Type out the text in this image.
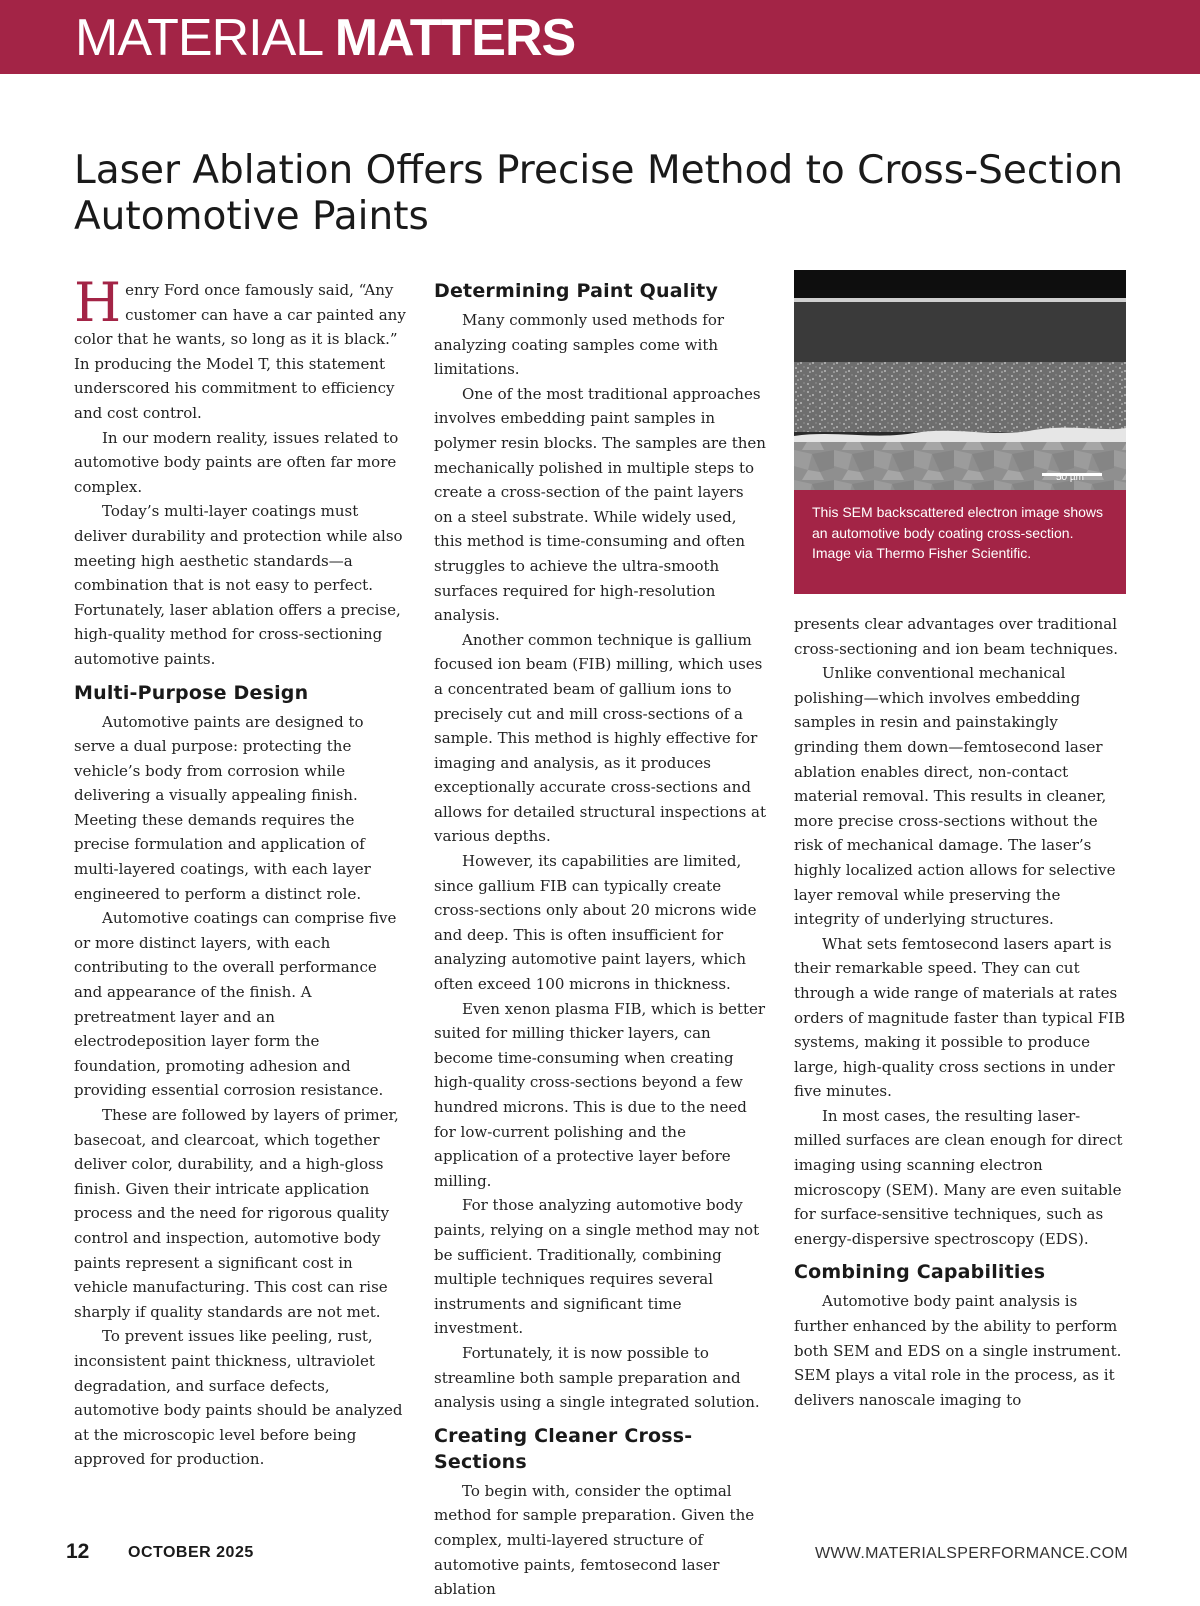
MATERIAL MATTERS
Laser Ablation Offers Precise Method to Cross-Section Automotive Paints

Henry Ford once famously said, “Any customer can have a car painted any color that he wants, so long as it is black.” In producing the Model T, this statement underscored his commitment to efficiency and cost control.

In our modern reality, issues related to automotive body paints are often far more complex.

Today’s multi-layer coatings must deliver durability and protection while also meeting high aesthetic standards—a combination that is not easy to perfect. Fortunately, laser ablation offers a precise, high-quality method for cross-sectioning automotive paints.

Multi-Purpose Design

Automotive paints are designed to serve a dual purpose: protecting the vehicle’s body from corrosion while delivering a visually appealing finish. Meeting these demands requires the precise formulation and application of multi-layered coatings, with each layer engineered to perform a distinct role.

Automotive coatings can comprise five or more distinct layers, with each contributing to the overall performance and appearance of the finish. A pretreatment layer and an electrodeposition layer form the foundation, promoting adhesion and providing essential corrosion resistance.

These are followed by layers of primer, basecoat, and clearcoat, which together deliver color, durability, and a high-gloss finish. Given their intricate application process and the need for rigorous quality control and inspection, automotive body paints represent a significant cost in vehicle manufacturing. This cost can rise sharply if quality standards are not met.

To prevent issues like peeling, rust, inconsistent paint thickness, ultraviolet degradation, and surface defects, automotive body paints should be analyzed at the microscopic level before being approved for production.

Determining Paint Quality

Many commonly used methods for analyzing coating samples come with limitations.

One of the most traditional approaches involves embedding paint samples in polymer resin blocks. The samples are then mechanically polished in multiple steps to create a cross-section of the paint layers on a steel substrate. While widely used, this method is time-consuming and often struggles to achieve the ultra-smooth surfaces required for high-resolution analysis.

Another common technique is gallium focused ion beam (FIB) milling, which uses a concentrated beam of gallium ions to precisely cut and mill cross-sections of a sample. This method is highly effective for imaging and analysis, as it produces exceptionally accurate cross-sections and allows for detailed structural inspections at various depths.

However, its capabilities are limited, since gallium FIB can typically create cross-sections only about 20 microns wide and deep. This is often insufficient for analyzing automotive paint layers, which often exceed 100 microns in thickness.

Even xenon plasma FIB, which is better suited for milling thicker layers, can become time-consuming when creating high-quality cross-sections beyond a few hundred microns. This is due to the need for low-current polishing and the application of a protective layer before milling.

For those analyzing automotive body paints, relying on a single method may not be sufficient. Traditionally, combining multiple techniques requires several instruments and significant time investment.

Fortunately, it is now possible to streamline both sample preparation and analysis using a single integrated solution.

Creating Cleaner Cross-Sections

To begin with, consider the optimal method for sample preparation. Given the complex, multi-layered structure of automotive paints, femtosecond laser ablation

50 µm

This SEM backscattered electron image shows an automotive body coating cross-section. Image via Thermo Fisher Scientific.

presents clear advantages over traditional cross-sectioning and ion beam techniques.

Unlike conventional mechanical polishing—which involves embedding samples in resin and painstakingly grinding them down—femtosecond laser ablation enables direct, non-contact material removal. This results in cleaner, more precise cross-sections without the risk of mechanical damage. The laser’s highly localized action allows for selective layer removal while preserving the integrity of underlying structures.

What sets femtosecond lasers apart is their remarkable speed. They can cut through a wide range of materials at rates orders of magnitude faster than typical FIB systems, making it possible to produce large, high-quality cross sections in under five minutes.

In most cases, the resulting laser-milled surfaces are clean enough for direct imaging using scanning electron microscopy (SEM). Many are even suitable for surface-sensitive techniques, such as energy-dispersive spectroscopy (EDS).

Combining Capabilities

Automotive body paint analysis is further enhanced by the ability to perform both SEM and EDS on a single instrument. SEM plays a vital role in the process, as it delivers nanoscale imaging to

12 OCTOBER 2025	WWW.MATERIALSPERFORMANCE.COM
